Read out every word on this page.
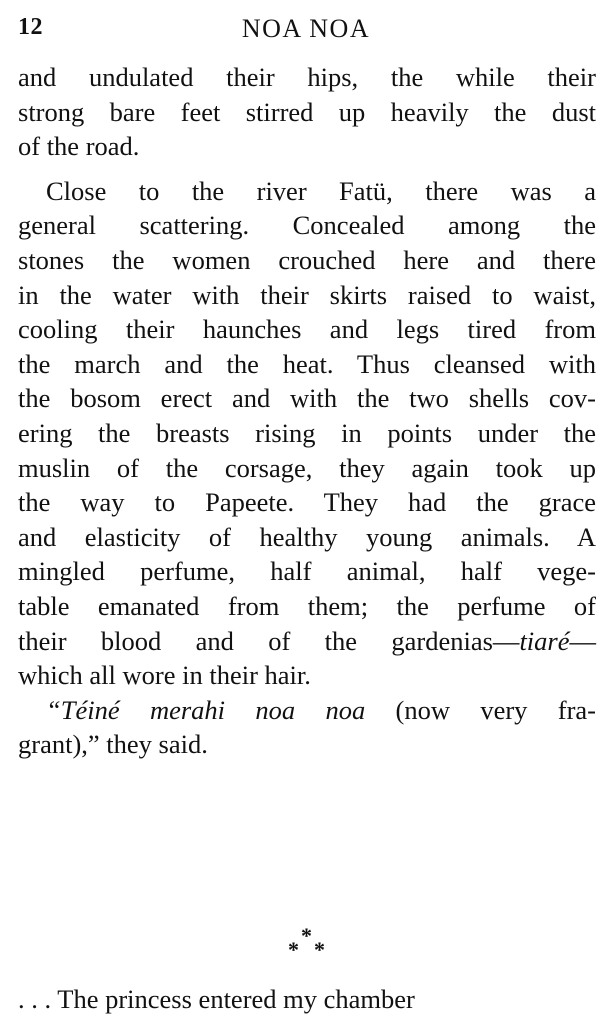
12	NOA NOA
and undulated their hips, the while their
strong bare feet stirred up heavily the dust
of the road.
Close to the river Fatü, there was a
general scattering. Concealed among the
stones the women crouched here and there
in the water with their skirts raised to waist,
cooling their haunches and legs tired from
the march and the heat. Thus cleansed with
the bosom erect and with the two shells cov-
ering the breasts rising in points under the
muslin of the corsage, they again took up
the way to Papeete. They had the grace
and elasticity of healthy young animals. A
mingled perfume, half animal, half vege-
table emanated from them; the perfume of
their blood and of the gardenias—tiaré—
which all wore in their hair.
“Téiné merahi noa noa (now very fra-
grant),” they said.
*
*
*
. . . The princess entered my chamber
